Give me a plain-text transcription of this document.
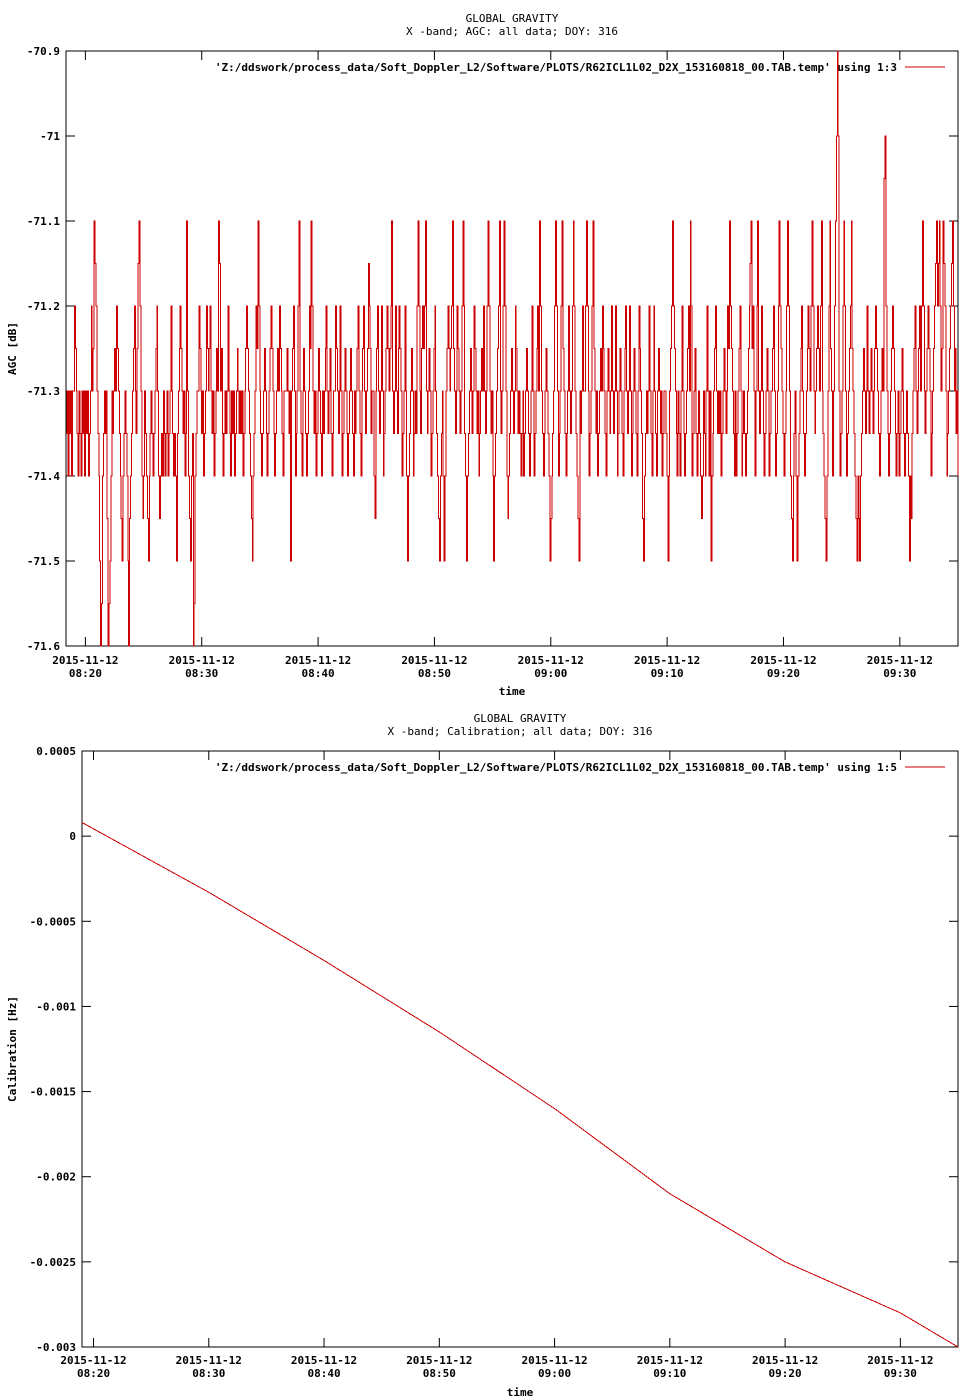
GLOBAL GRAVITY
X -band; AGC: all data; DOY: 316
-70.9
-71
-71.1
-71.2
-71.3
-71.4
-71.5
-71.6
2015-11-12
08:20
2015-11-12
08:30
2015-11-12
08:40
2015-11-12
08:50
2015-11-12
09:00
2015-11-12
09:10
2015-11-12
09:20
2015-11-12
09:30
time
AGC [dB]
'Z:/ddswork/process_data/Soft_Doppler_L2/Software/PLOTS/R62ICL1L02_D2X_153160818_00.TAB.temp' using 1:3
GLOBAL GRAVITY
X -band; Calibration; all data; DOY: 316
0.0005
0
-0.0005
-0.001
-0.0015
-0.002
-0.0025
-0.003
2015-11-12
08:20
2015-11-12
08:30
2015-11-12
08:40
2015-11-12
08:50
2015-11-12
09:00
2015-11-12
09:10
2015-11-12
09:20
2015-11-12
09:30
time
Calibration [Hz]
'Z:/ddswork/process_data/Soft_Doppler_L2/Software/PLOTS/R62ICL1L02_D2X_153160818_00.TAB.temp' using 1:5
